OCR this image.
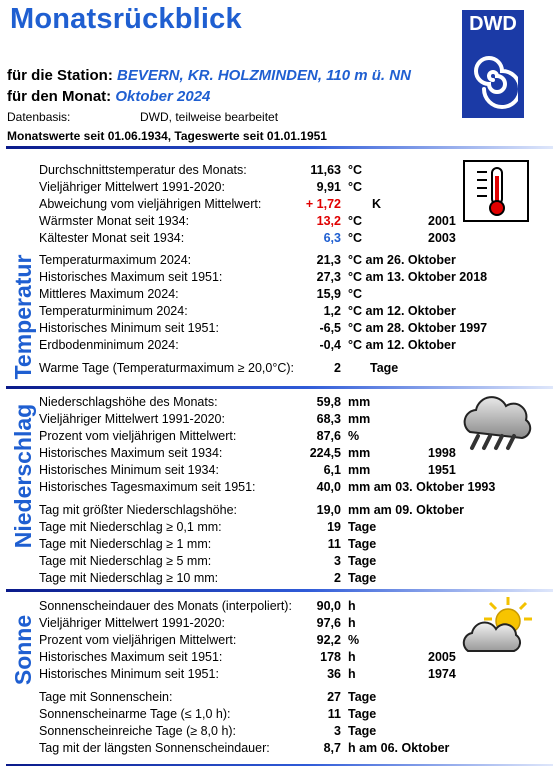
Monatsrückblick	DWD
für die Station: BEVERN, KR. HOLZMINDEN, 110 m ü. NN
für den Monat: Oktober 2024
Datenbasis:	DWD, teilweise bearbeitet
Monatswerte seit 01.06.1934, Tageswerte seit 01.01.1951
Temperatur
Niederschlag
Sonne
Durchschnittstemperatur des Monats:	11,63 °C
Vieljähriger Mittelwert 1991-2020:	9,91 °C
Abweichung vom vieljährigen Mittelwert:	+ 1,72 K
Wärmster Monat seit 1934:	13,2 °C	2001
Kältester Monat seit 1934:	6,3 °C	2003
Temperaturmaximum 2024:	21,3 °C am 26. Oktober
Historisches Maximum seit 1951:	27,3 °C am 13. Oktober 2018
Mittleres Maximum 2024:	15,9 °C
Temperaturminimum 2024:	1,2 °C am 12. Oktober
Historisches Minimum seit 1951:	-6,5 °C am 28. Oktober 1997
Erdbodenminimum 2024:	-0,4 °C am 12. Oktober
Warme Tage (Temperaturmaximum ≥ 20,0°C):	2 Tage
Niederschlagshöhe des Monats:	59,8 mm
Vieljähriger Mittelwert 1991-2020:	68,3 mm
Prozent vom vieljährigen Mittelwert:	87,6 %
Historisches Maximum seit 1934:	224,5 mm	1998
Historisches Minimum seit 1934:	6,1 mm	1951
Historisches Tagesmaximum seit 1951:	40,0 mm am 03. Oktober 1993
Tag mit größter Niederschlagshöhe:	19,0 mm am 09. Oktober
Tage mit Niederschlag ≥ 0,1 mm:	19 Tage
Tage mit Niederschlag ≥ 1 mm:	11 Tage
Tage mit Niederschlag ≥ 5 mm:	3 Tage
Tage mit Niederschlag ≥ 10 mm:	2 Tage
Sonnenscheindauer des Monats (interpoliert): 90,0 h
Vieljähriger Mittelwert 1991-2020:	97,6 h
Prozent vom vieljährigen Mittelwert:	92,2 %
Historisches Maximum seit 1951:	178 h	2005
Historisches Minimum seit 1951:	36 h	1974
Tage mit Sonnenschein:	27 Tage
Sonnenscheinarme Tage (≤ 1,0 h):	11 Tage
Sonnenscheinreiche Tage (≥ 8,0 h):	3 Tage
Tag mit der längsten Sonnenscheindauer:	8,7 h am 06. Oktober
